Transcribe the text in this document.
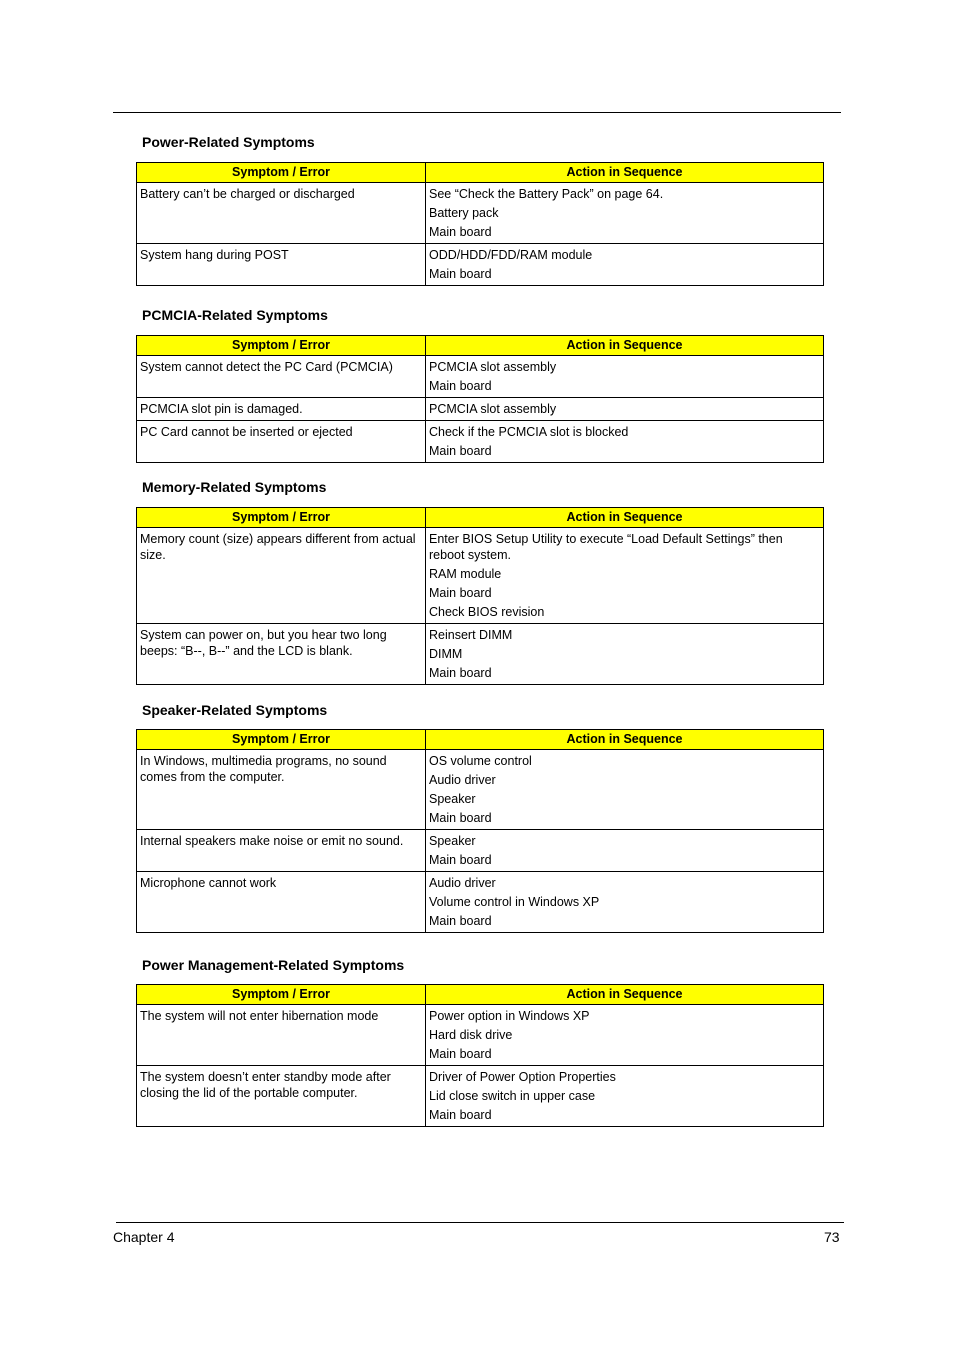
Power-Related Symptoms
Symptom / Error	Action in Sequence
Battery can’t be charged or discharged	See “Check the Battery Pack” on page 64.
Battery pack
Main board

System hang during POST	ODD/HDD/FDD/RAM module
Main board
PCMCIA-Related Symptoms
Symptom / Error	Action in Sequence
System cannot detect the PC Card (PCMCIA)	PCMCIA slot assembly
Main board

PCMCIA slot pin is damaged.	PCMCIA slot assembly

PC Card cannot be inserted or ejected	Check if the PCMCIA slot is blocked
Main board
Memory-Related Symptoms
Symptom / Error	Action in Sequence
Memory count (size) appears different from actual size.	Enter BIOS Setup Utility to execute “Load Default Settings” then reboot system.
RAM module
Main board
Check BIOS revision

System can power on, but you hear two long beeps: “B--, B--” and the LCD is blank.	Reinsert DIMM
DIMM
Main board
Speaker-Related Symptoms
Symptom / Error	Action in Sequence
In Windows, multimedia programs, no sound comes from the computer.	OS volume control
Audio driver
Speaker
Main board

Internal speakers make noise or emit no sound.	Speaker
Main board

Microphone cannot work	Audio driver
Volume control in Windows XP
Main board
Power Management-Related Symptoms
Symptom / Error	Action in Sequence
The system will not enter hibernation mode	Power option in Windows XP
Hard disk drive
Main board

The system doesn’t enter standby mode after closing the lid of the portable computer.	Driver of Power Option Properties
Lid close switch in upper case
Main board
Chapter 4	73
